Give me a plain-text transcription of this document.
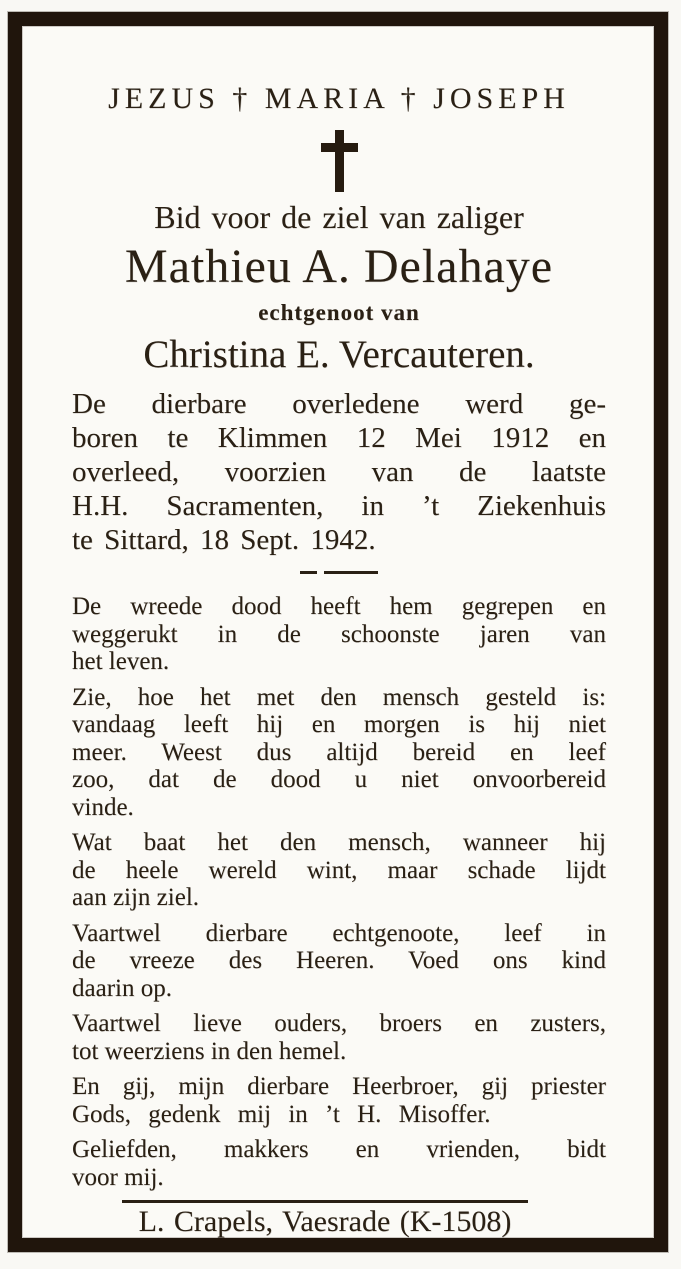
JEZUS † MARIA † JOSEPH
Bid voor de ziel van zaliger
Mathieu A. Delahaye
echtgenoot van
Christina E. Vercauteren.
De dierbare overledene werd ge-
boren te Klimmen 12 Mei 1912 en
overleed, voorzien van de laatste
H.H. Sacramenten, in ’t Ziekenhuis
te Sittard, 18 Sept. 1942.
De wreede dood heeft hem gegrepen en
weggerukt in de schoonste jaren van
het leven.
Zie, hoe het met den mensch gesteld is:
vandaag leeft hij en morgen is hij niet
meer. Weest dus altijd bereid en leef
zoo, dat de dood u niet onvoorbereid
vinde.
Wat baat het den mensch, wanneer hij
de heele wereld wint, maar schade lijdt
aan zijn ziel.
Vaartwel dierbare echtgenoote, leef in
de vreeze des Heeren. Voed ons kind
daarin op.
Vaartwel lieve ouders, broers en zusters,
tot weerziens in den hemel.
En gij, mijn dierbare Heerbroer, gij priester
Gods, gedenk mij in ’t H. Misoffer.
Geliefden, makkers en vrienden, bidt
voor mij.
L. Crapels, Vaesrade (K-1508)
